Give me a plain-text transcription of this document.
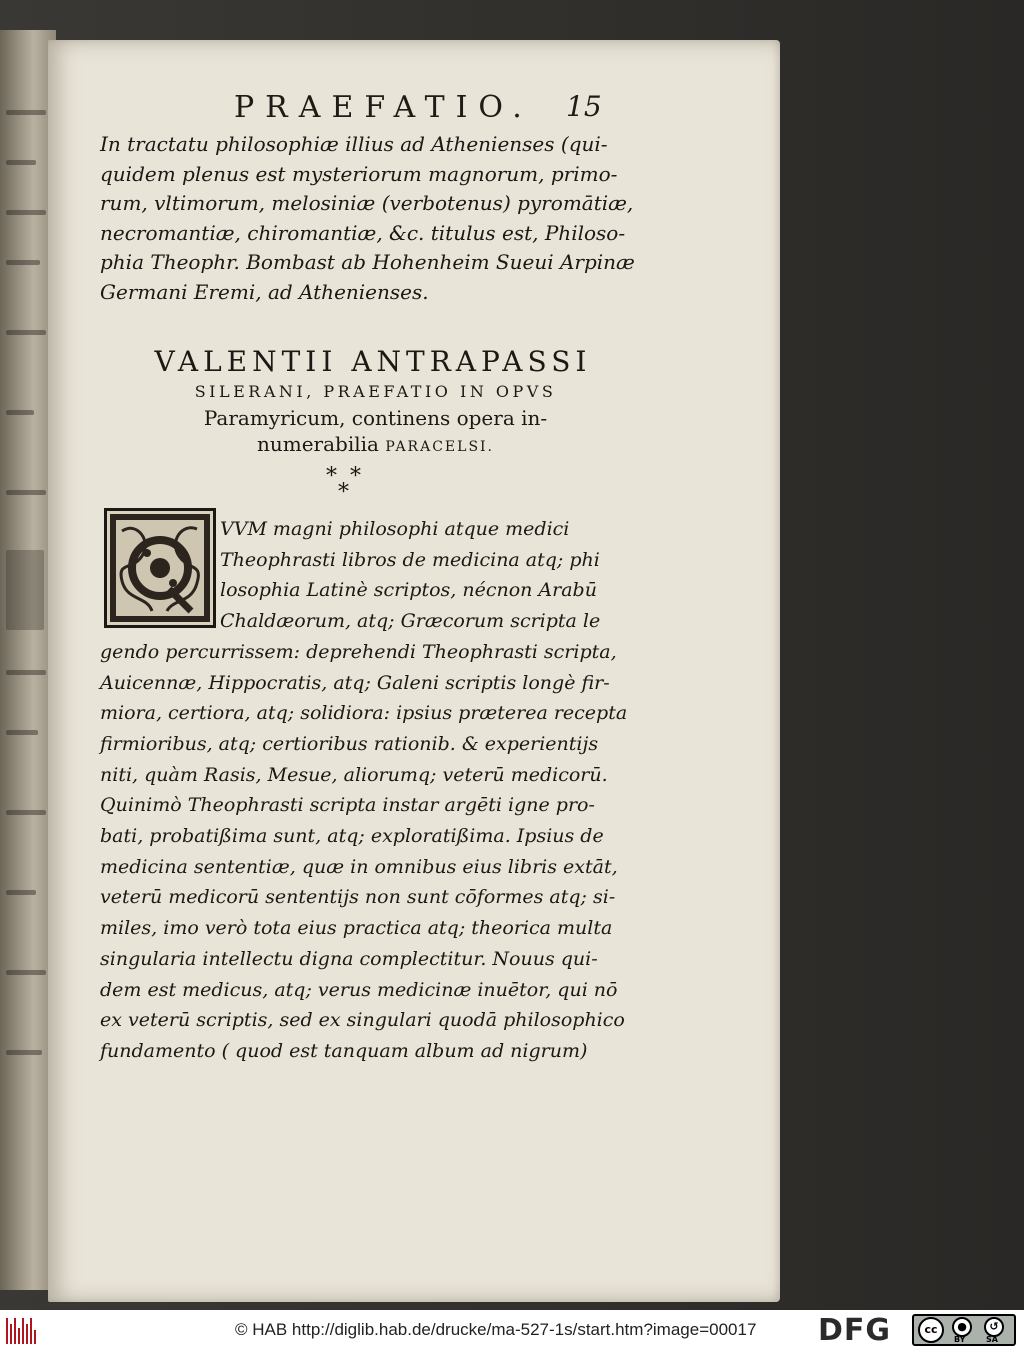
PRAEFATIO. 15
In tractatu philosophiæ illius ad Athenienses (qui-
quidem plenus est mysteriorum magnorum, primo-
rum, vltimorum, melosiniæ (verbotenus) pyromātiæ,
necromantiæ, chiromantiæ, &c. titulus est, Philoso-
phia Theophr. Bombast ab Hohenheim Sueui Arpinæ
Germani Eremi, ad Athenienses.
VALENTII ANTRAPASSI
SILERANI, PRAEFATIO IN OPVS
Paramyricum, continens opera in-
numerabilia PARACELSI.
* *
*
VVM magni philosophi atque medici
Theophrasti libros de medicina atq; phi
losophia Latinè scriptos, nécnon Arabū
Chaldæorum, atq; Græcorum scripta le
gendo percurrissem: deprehendi Theophrasti scripta,
Auicennæ, Hippocratis, atq; Galeni scriptis longè fir-
miora, certiora, atq; solidiora: ipsius præterea recepta
firmioribus, atq; certioribus rationib. & experientijs
niti, quàm Rasis, Mesue, aliorumq; veterū medicorū.
Quinimò Theophrasti scripta instar argēti igne pro-
bati, probatißima sunt, atq; exploratißima. Ipsius de
medicina sententiæ, quæ in omnibus eius libris extāt,
veterū medicorū sententijs non sunt cōformes atq; si-
miles, imo verò tota eius practica atq; theorica multa
singularia intellectu digna complectitur. Nouus qui-
dem est medicus, atq; verus medicinæ inuētor, qui nō
ex veterū scriptis, sed ex singulari quodā philosophico
fundamento ( quod est tanquam album ad nigrum)
© HAB http://diglib.hab.de/drucke/ma-527-1s/start.htm?image=00017 DFG	cc	●
BY
↺
SA
